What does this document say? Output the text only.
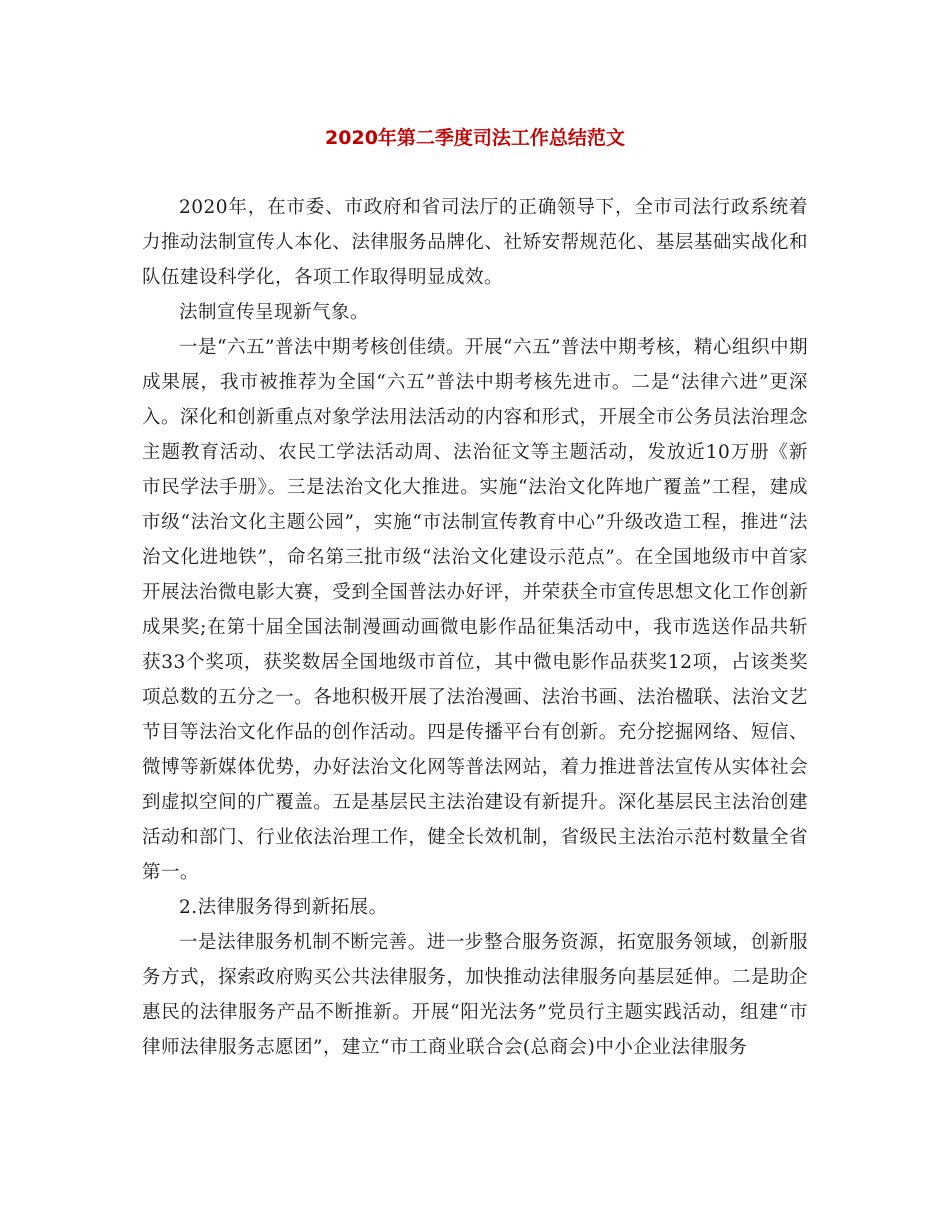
2020年第二季度司法工作总结范文

2020年，在市委、市政府和省司法厅的正确领导下，全市司法行政系统着力推动法制宣传人本化、法律服务品牌化、社矫安帮规范化、基层基础实战化和队伍建设科学化，各项工作取得明显成效。

法制宣传呈现新气象。

一是“六五”普法中期考核创佳绩。开展“六五”普法中期考核，精心组织中期成果展，我市被推荐为全国“六五”普法中期考核先进市。二是“法律六进”更深入。深化和创新重点对象学法用法活动的内容和形式，开展全市公务员法治理念主题教育活动、农民工学法活动周、法治征文等主题活动，发放近10万册《新市民学法手册》。三是法治文化大推进。实施“法治文化阵地广覆盖”工程，建成市级“法治文化主题公园”，实施“市法制宣传教育中心”升级改造工程，推进“法治文化进地铁”，命名第三批市级“法治文化建设示范点”。在全国地级市中首家开展法治微电影大赛，受到全国普法办好评，并荣获全市宣传思想文化工作创新成果奖;在第十届全国法制漫画动画微电影作品征集活动中，我市选送作品共斩获33个奖项，获奖数居全国地级市首位，其中微电影作品获奖12项，占该类奖项总数的五分之一。各地积极开展了法治漫画、法治书画、法治楹联、法治文艺节目等法治文化作品的创作活动。四是传播平台有创新。充分挖掘网络、短信、微博等新媒体优势，办好法治文化网等普法网站，着力推进普法宣传从实体社会到虚拟空间的广覆盖。五是基层民主法治建设有新提升。深化基层民主法治创建活动和部门、行业依法治理工作，健全长效机制，省级民主法治示范村数量全省第一。

2.法律服务得到新拓展。

一是法律服务机制不断完善。进一步整合服务资源，拓宽服务领域，创新服务方式，探索政府购买公共法律服务，加快推动法律服务向基层延伸。二是助企惠民的法律服务产品不断推新。开展“阳光法务”党员行主题实践活动，组建“市律师法律服务志愿团”，建立“市工商业联合会(总商会)中小企业法律服务
